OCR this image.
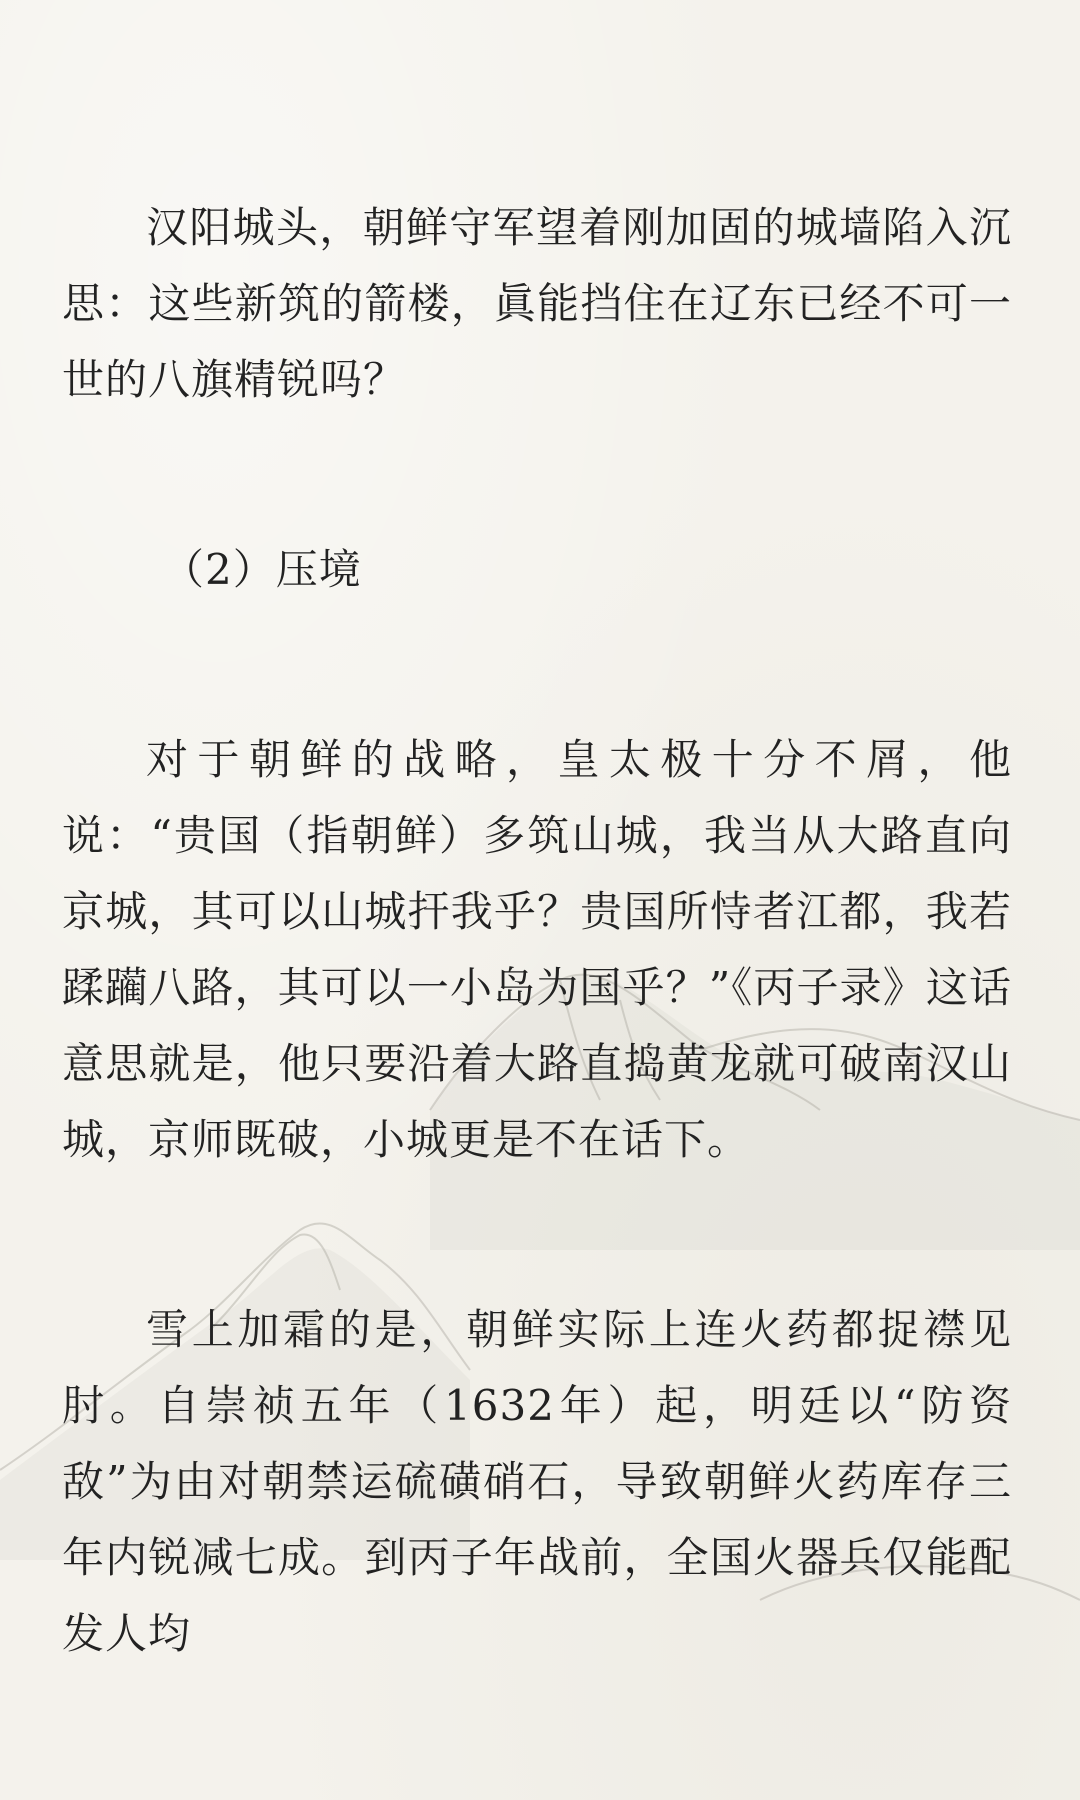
汉阳城头，朝鲜守军望着刚加固的城墙陷入沉思：这些新筑的箭楼，眞能挡住在辽东已经不可一世的八旗精锐吗？

（2）压境

对于朝鲜的战略，皇太极十分不屑，他说：“贵国（指朝鲜）多筑山城，我当从大路直向京城，其可以山城扞我乎？贵国所恃者江都，我若蹂躏八路，其可以一小岛为国乎？”《丙子录》这话意思就是，他只要沿着大路直捣黄龙就可破南汉山城，京师既破，小城更是不在话下。

雪上加霜的是，朝鲜实际上连火药都捉襟见肘。自崇祯五年（1632年）起，明廷以“防资敌”为由对朝禁运硫磺硝石，导致朝鲜火药库存三年内锐减七成。到丙子年战前，全国火器兵仅能配发人均
